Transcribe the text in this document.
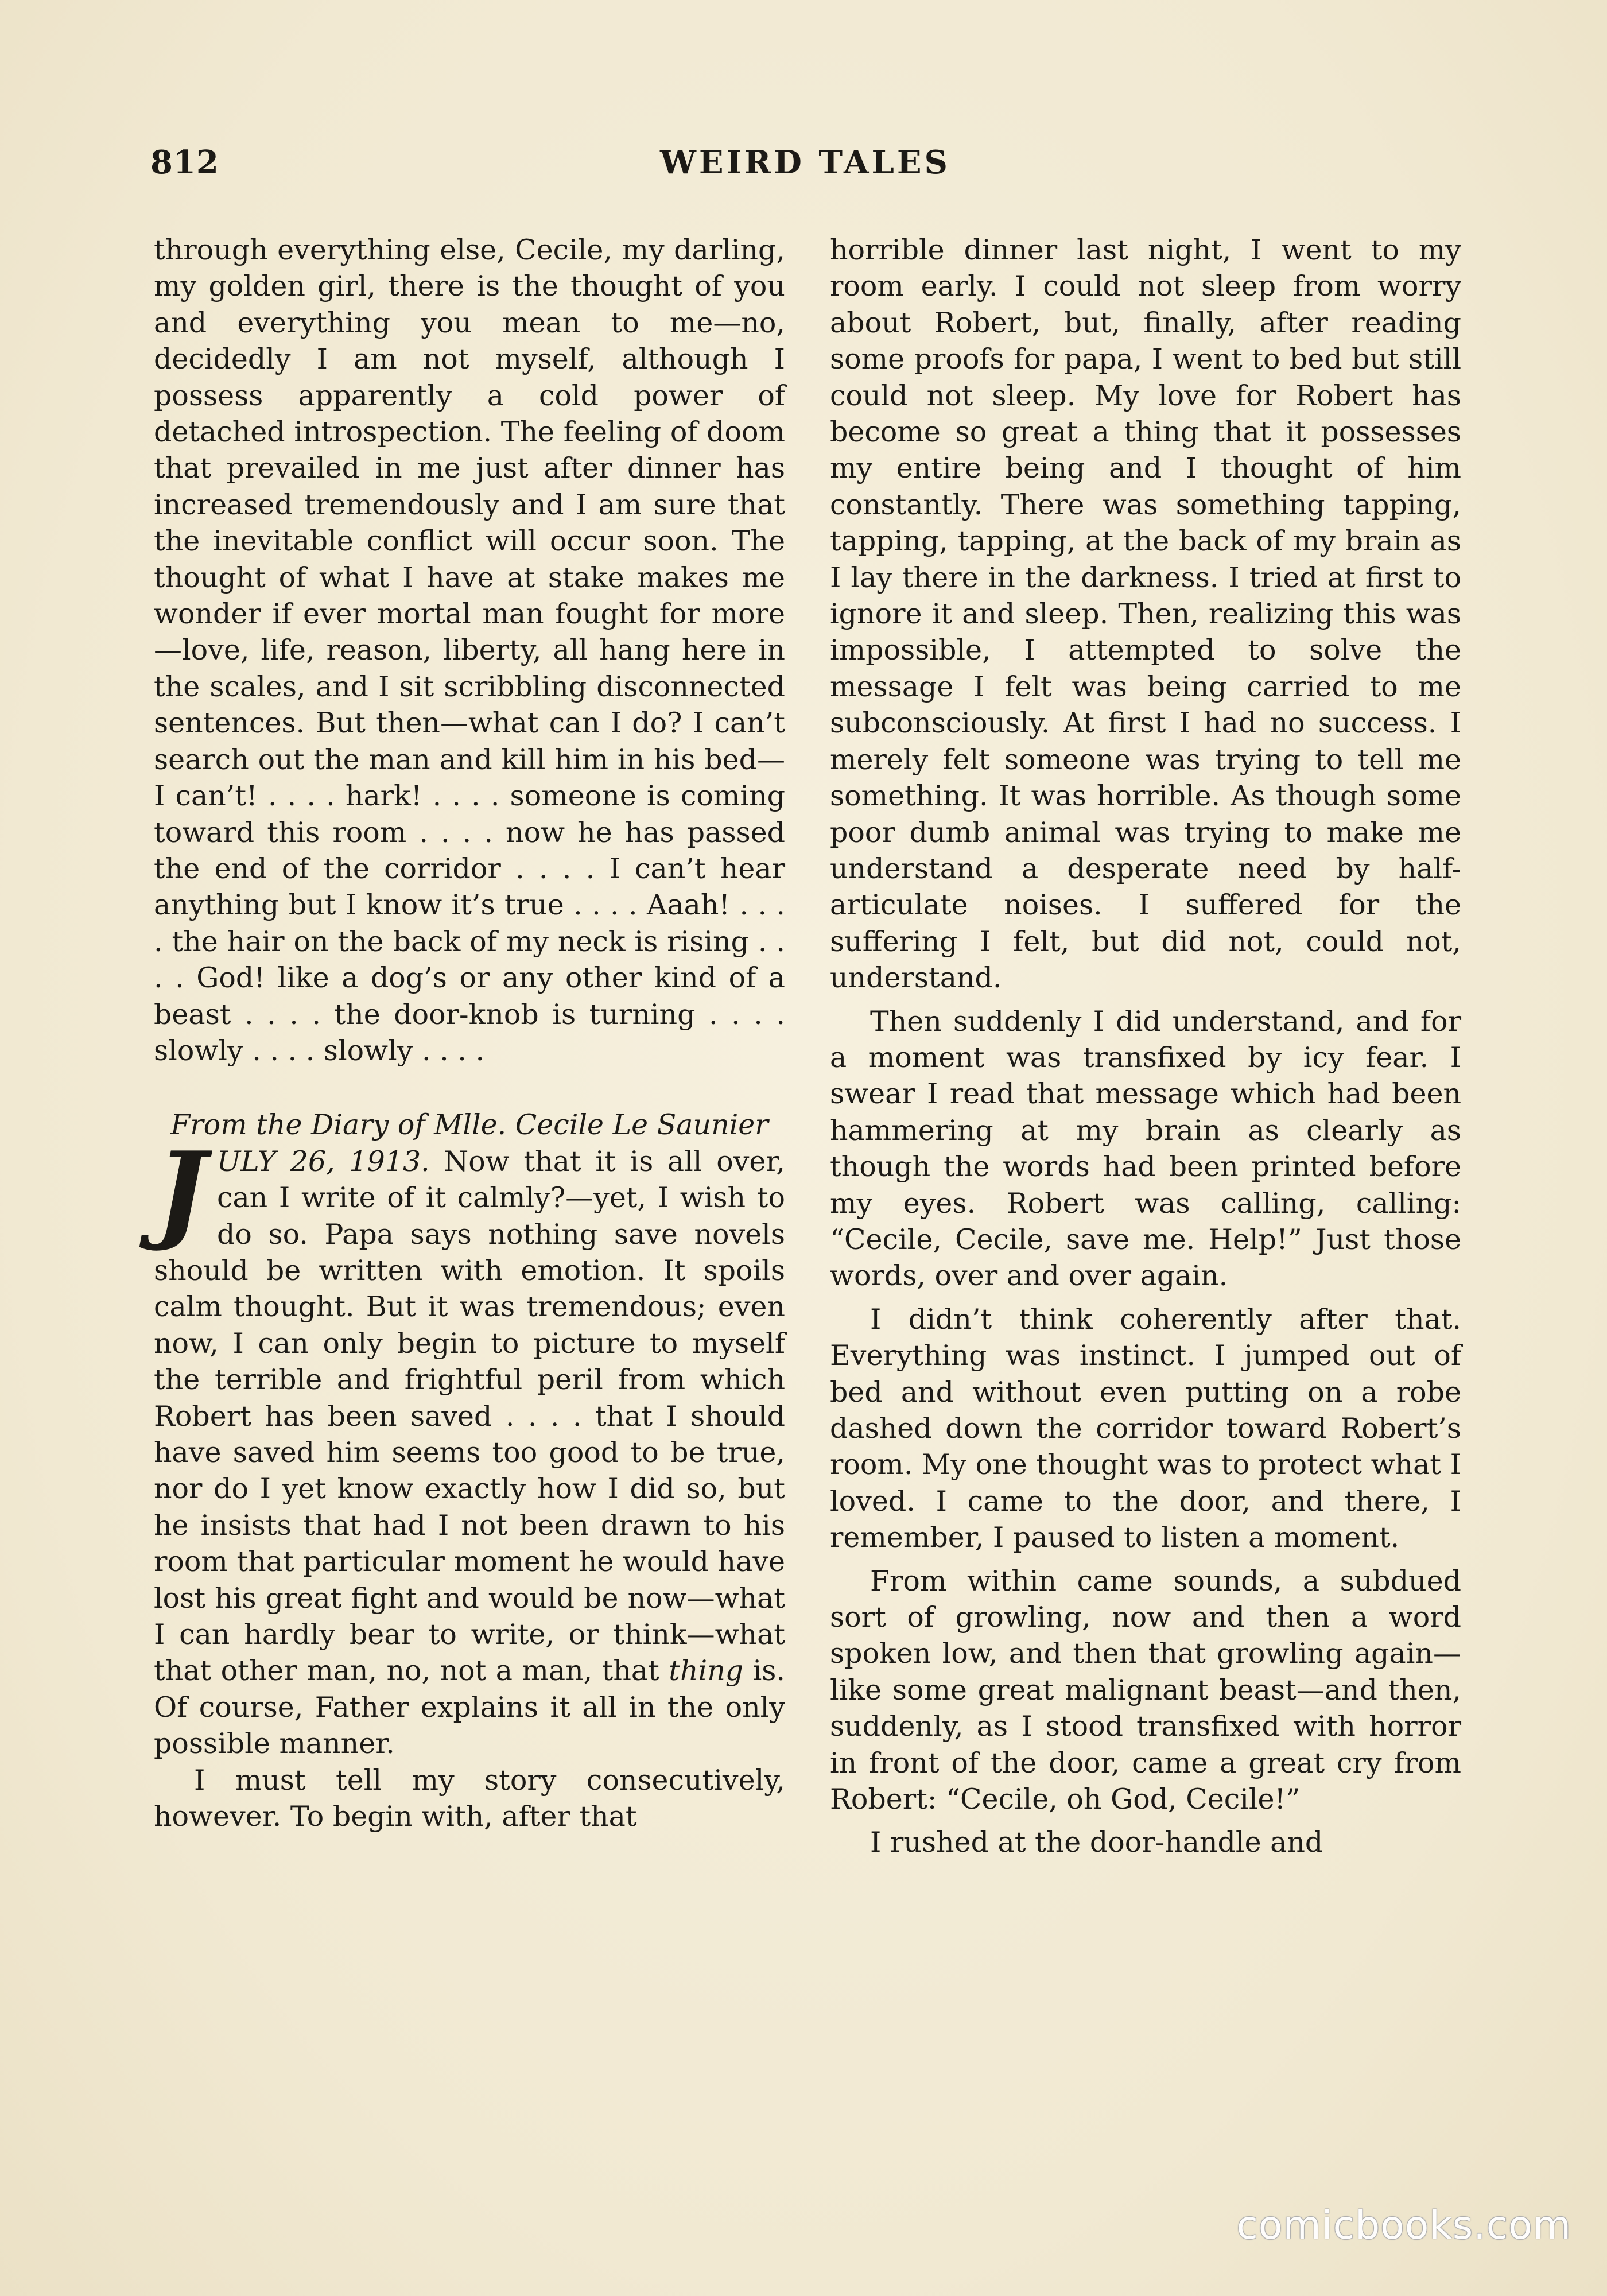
812	WEIRD TALES

through everything else, Cecile, my darling, my golden girl, there is the thought of you and everything you mean to me—no, decidedly I am not myself, although I possess apparently a cold power of detached introspection. The feeling of doom that prevailed in me just after dinner has increased tremendously and I am sure that the inevitable conflict will occur soon. The thought of what I have at stake makes me wonder if ever mortal man fought for more—love, life, reason, liberty, all hang here in the scales, and I sit scribbling disconnected sentences. But then—what can I do? I can’t search out the man and kill him in his bed—I can’t! . . . . hark! . . . . someone is coming toward this room . . . . now he has passed the end of the corridor . . . . I can’t hear anything but I know it’s true . . . . Aaah! . . . . the hair on the back of my neck is rising . . . . God! like a dog’s or any other kind of a beast . . . . the door-knob is turning . . . . slowly . . . . slowly . . . .

From the Diary of Mlle. Cecile Le Saunier

JULY 26, 1913. Now that it is all over, can I write of it calmly?—yet, I wish to do so. Papa says nothing save novels should be written with emotion. It spoils calm thought. But it was tremendous; even now, I can only begin to picture to myself the terrible and frightful peril from which Robert has been saved . . . . that I should have saved him seems too good to be true, nor do I yet know exactly how I did so, but he insists that had I not been drawn to his room that particular moment he would have lost his great fight and would be now—what I can hardly bear to write, or think—what that other man, no, not a man, that thing is. Of course, Father explains it all in the only possible manner.

I must tell my story consecutively, however. To begin with, after that

horrible dinner last night, I went to my room early. I could not sleep from worry about Robert, but, finally, after reading some proofs for papa, I went to bed but still could not sleep. My love for Robert has become so great a thing that it possesses my entire being and I thought of him constantly. There was something tapping, tapping, tapping, at the back of my brain as I lay there in the darkness. I tried at first to ignore it and sleep. Then, realizing this was impossible, I attempted to solve the message I felt was being carried to me subconsciously. At first I had no success. I merely felt someone was trying to tell me something. It was horrible. As though some poor dumb animal was trying to make me understand a desperate need by half-articulate noises. I suffered for the suffering I felt, but did not, could not, understand.

Then suddenly I did understand, and for a moment was transfixed by icy fear. I swear I read that message which had been hammering at my brain as clearly as though the words had been printed before my eyes. Robert was calling, calling: “Cecile, Cecile, save me. Help!” Just those words, over and over again.

I didn’t think coherently after that. Everything was instinct. I jumped out of bed and without even putting on a robe dashed down the corridor toward Robert’s room. My one thought was to protect what I loved. I came to the door, and there, I remember, I paused to listen a moment.

From within came sounds, a subdued sort of growling, now and then a word spoken low, and then that growling again—like some great malignant beast—and then, suddenly, as I stood transfixed with horror in front of the door, came a great cry from Robert: “Cecile, oh God, Cecile!”

I rushed at the door-handle and

comicbooks.com
